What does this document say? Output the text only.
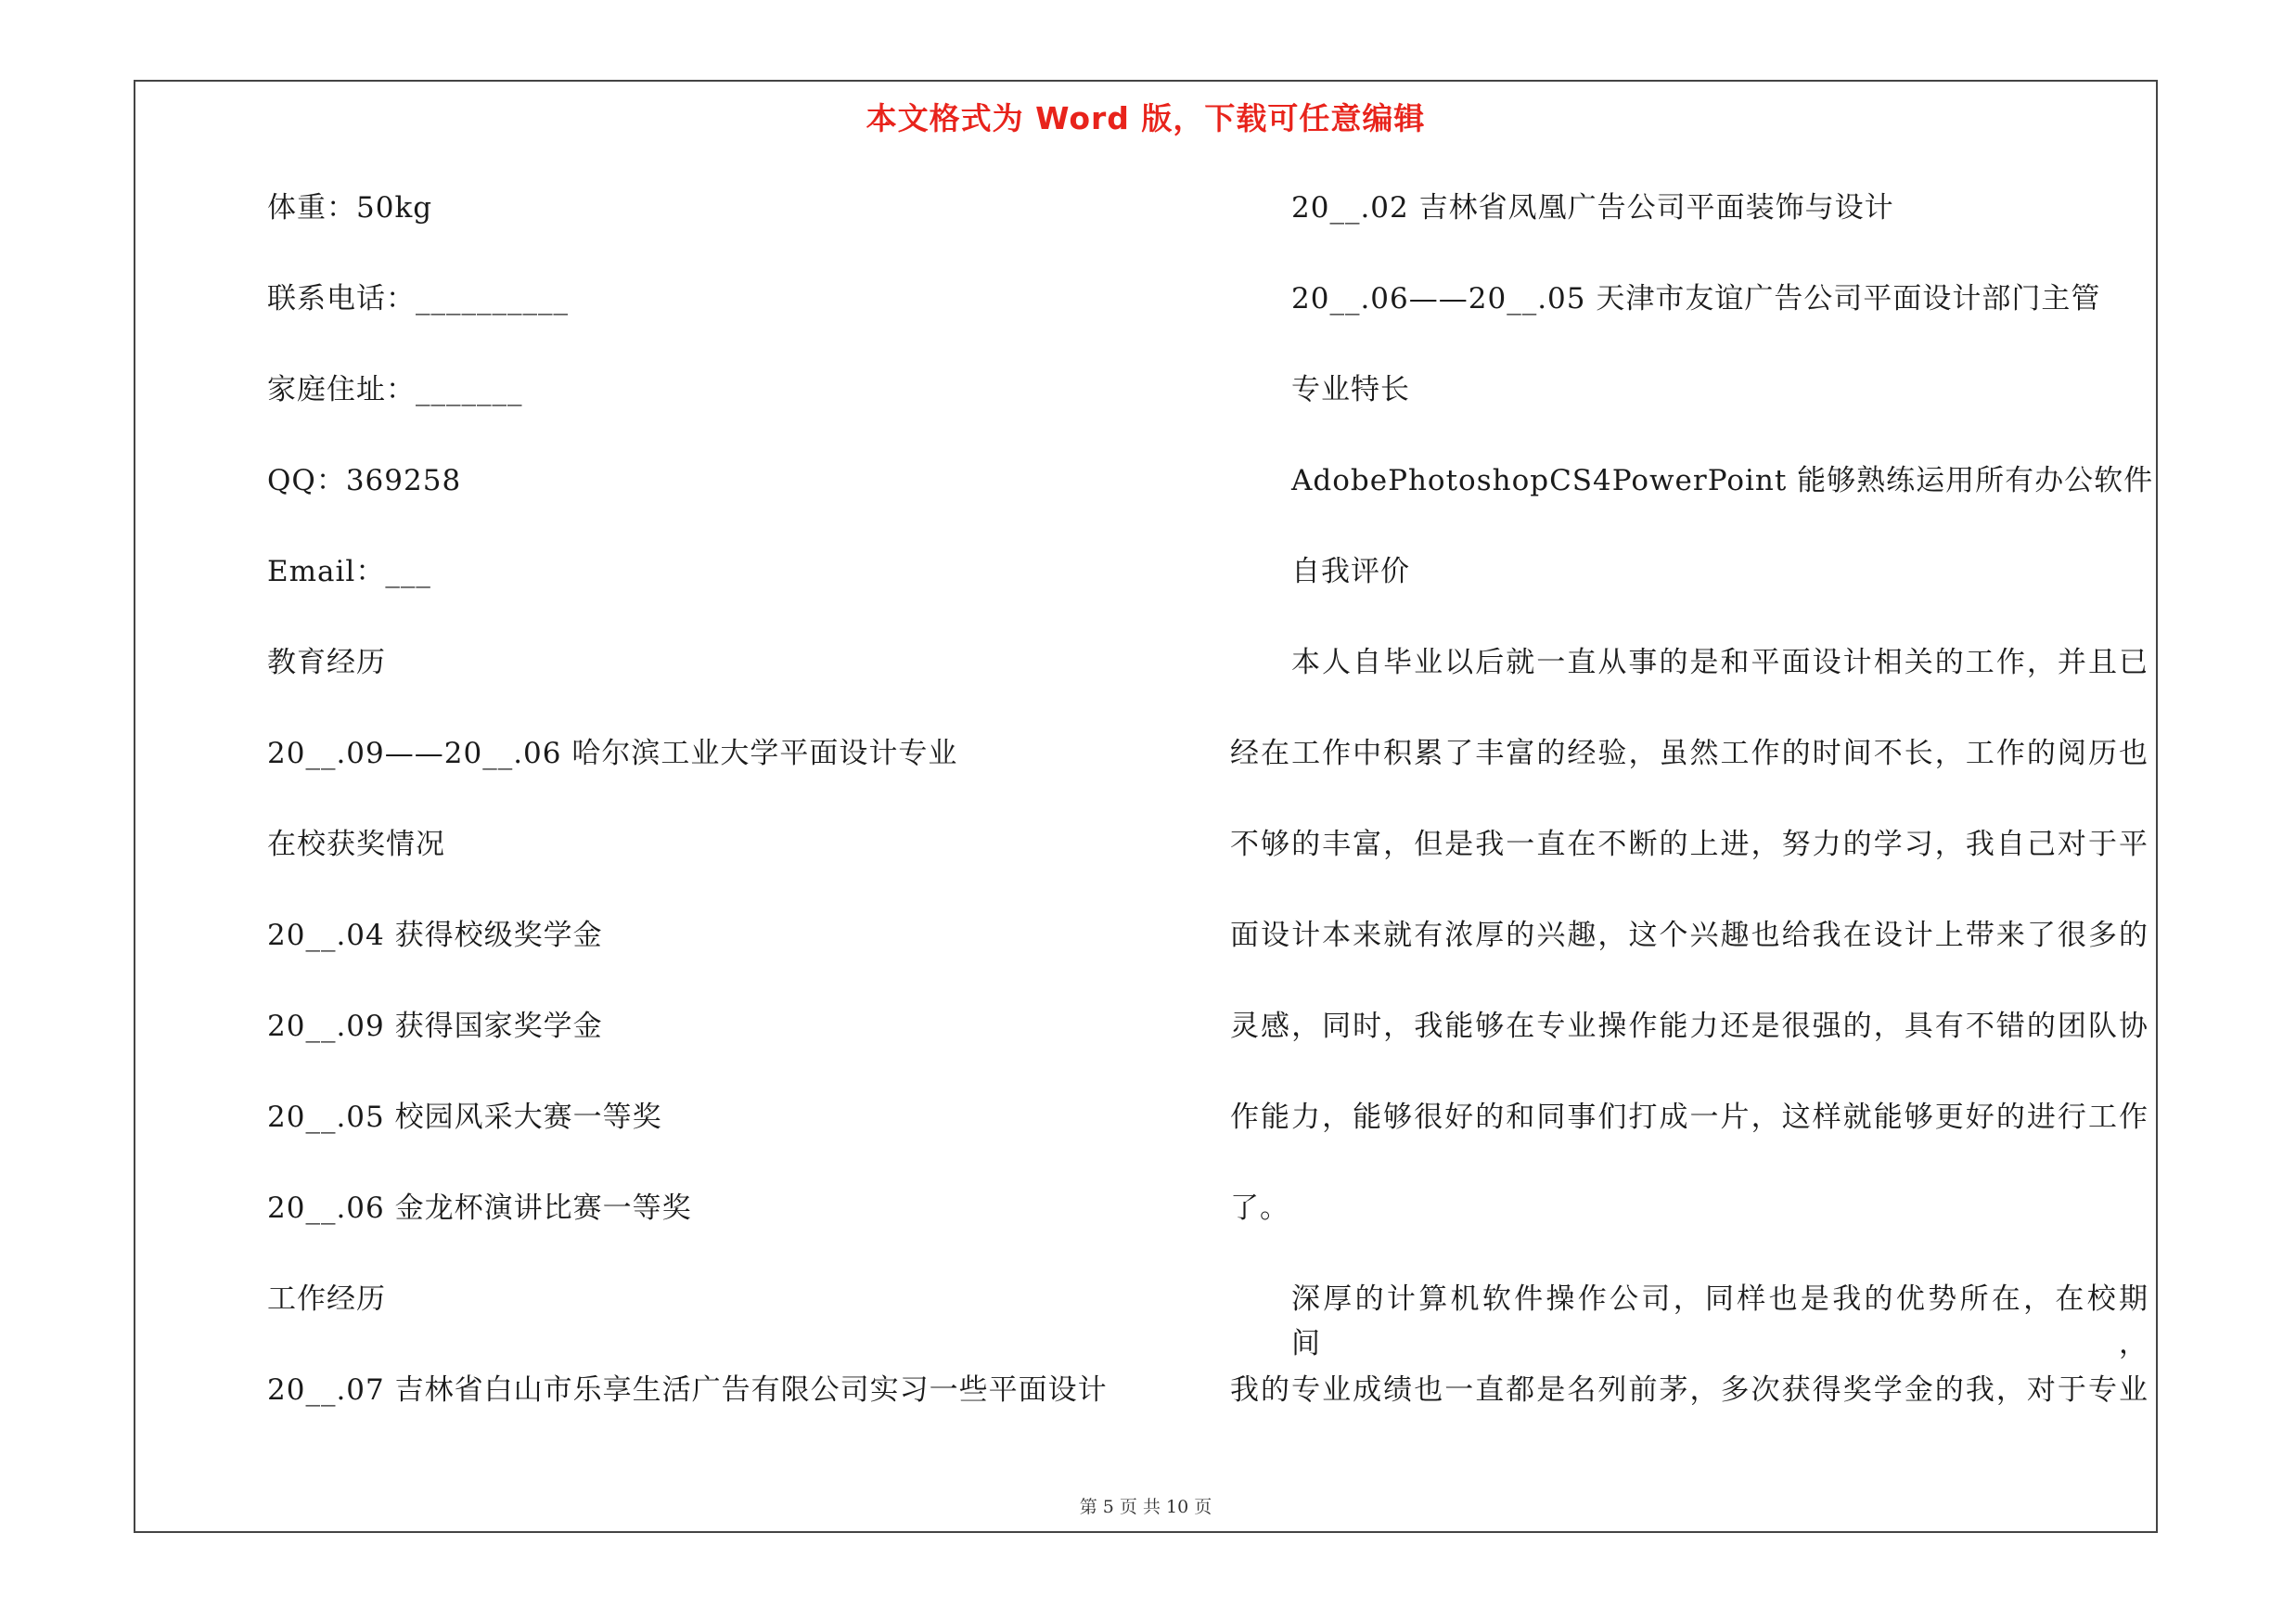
本文格式为 Word 版，下载可任意编辑
体重：50kg
联系电话：__________
家庭住址：_______
QQ：369258
Email：___
教育经历
20__.09——20__.06 哈尔滨工业大学平面设计专业
在校获奖情况
20__.04 获得校级奖学金
20__.09 获得国家奖学金
20__.05 校园风采大赛一等奖
20__.06 金龙杯演讲比赛一等奖
工作经历
20__.07 吉林省白山市乐享生活广告有限公司实习一些平面设计
20__.02 吉林省凤凰广告公司平面装饰与设计
20__.06——20__.05 天津市友谊广告公司平面设计部门主管
专业特长
AdobePhotoshopCS4PowerPoint 能够熟练运用所有办公软件
自我评价
本人自毕业以后就一直从事的是和平面设计相关的工作，并且已
经在工作中积累了丰富的经验，虽然工作的时间不长，工作的阅历也
不够的丰富，但是我一直在不断的上进，努力的学习，我自己对于平
面设计本来就有浓厚的兴趣，这个兴趣也给我在设计上带来了很多的
灵感，同时，我能够在专业操作能力还是很强的，具有不错的团队协
作能力，能够很好的和同事们打成一片，这样就能够更好的进行工作
了。
深厚的计算机软件操作公司，同样也是我的优势所在，在校期间，
我的专业成绩也一直都是名列前茅，多次获得奖学金的我，对于专业
第 5 页 共 10 页
